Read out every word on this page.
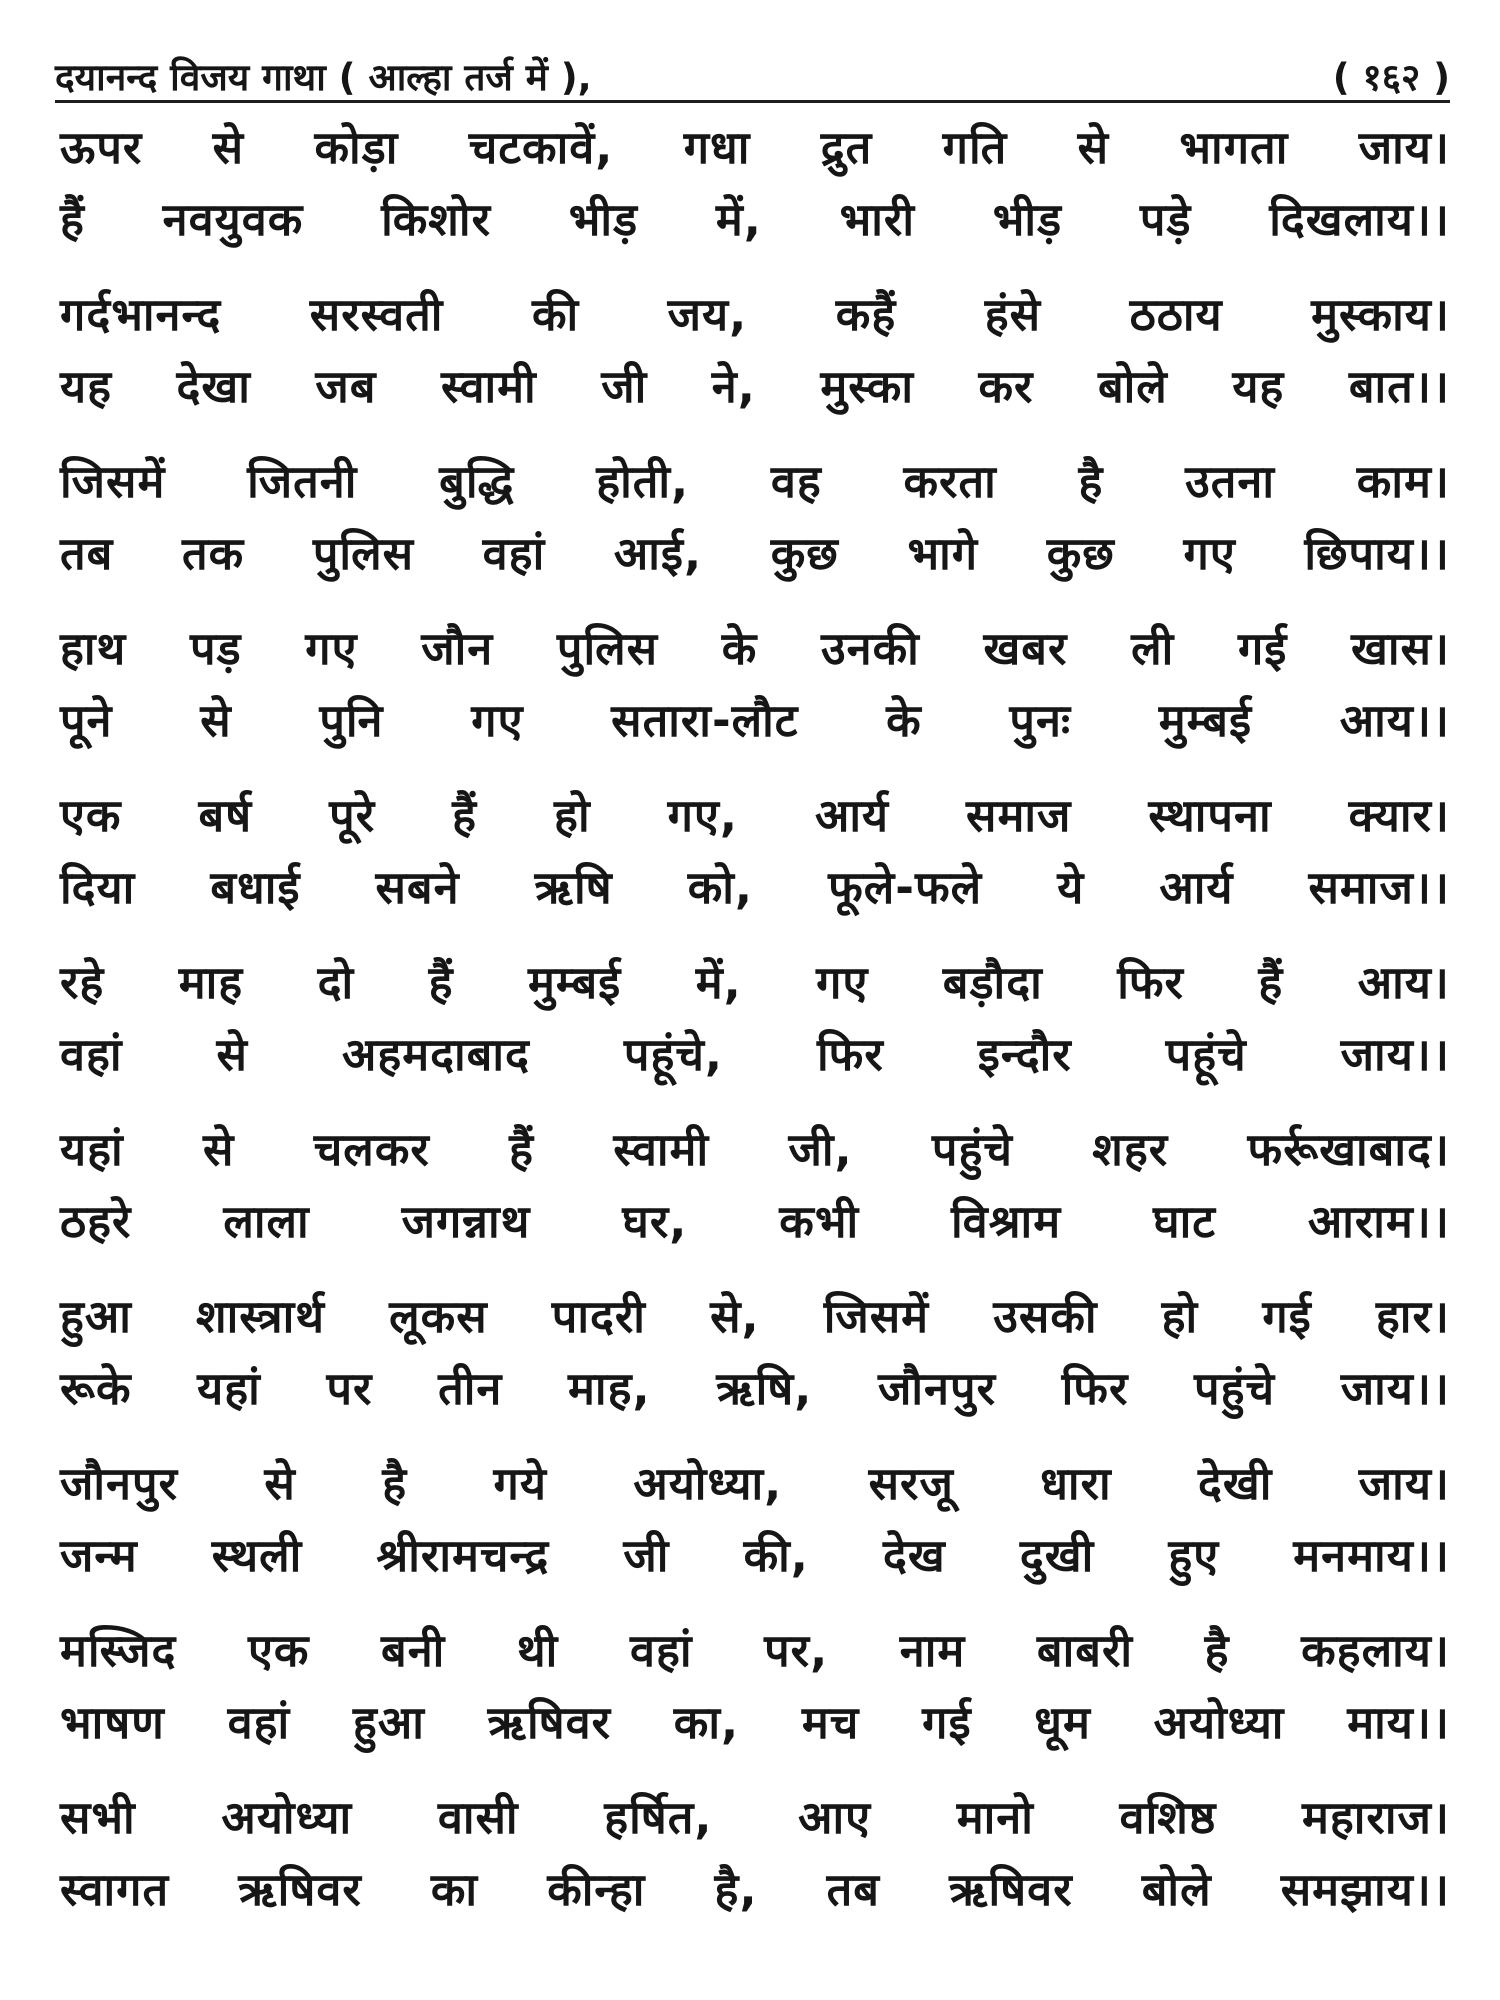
दयानन्द विजय गाथा ( आल्हा तर्ज में ),	( १६२ )
ऊपर से कोड़ा चटकावें, गधा द्रुत गति से भागता जाय।
हैं नवयुवक किशोर भीड़ में, भारी भीड़ पड़े दिखलाय।।
गर्दभानन्द सरस्वती की जय, कहैं हंसे ठठाय मुस्काय।
यह देखा जब स्वामी जी ने, मुस्का कर बोले यह बात।।
जिसमें जितनी बुद्धि होती, वह करता है उतना काम।
तब तक पुलिस वहां आई, कुछ भागे कुछ गए छिपाय।।
हाथ पड़ गए जौन पुलिस के उनकी खबर ली गई खास।
पूने से पुनि गए सतारा-लौट के पुनः मुम्बई आय।।
एक बर्ष पूरे हैं हो गए, आर्य समाज स्थापना क्यार।
दिया बधाई सबने ऋषि को, फूले-फले ये आर्य समाज।।
रहे माह दो हैं मुम्बई में, गए बड़ौदा फिर हैं आय।
वहां से अहमदाबाद पहूंचे, फिर इन्दौर पहूंचे जाय।।
यहां से चलकर हैं स्वामी जी, पहुंचे शहर फर्रूखाबाद।
ठहरे लाला जगन्नाथ घर, कभी विश्राम घाट आराम।।
हुआ शास्त्रार्थ लूकस पादरी से, जिसमें उसकी हो गई हार।
रूके यहां पर तीन माह, ऋषि, जौनपुर फिर पहुंचे जाय।।
जौनपुर से है गये अयोध्या, सरजू धारा देखी जाय।
जन्म स्थली श्रीरामचन्द्र जी की, देख दुखी हुए मनमाय।।
मस्जिद एक बनी थी वहां पर, नाम बाबरी है कहलाय।
भाषण वहां हुआ ऋषिवर का, मच गई धूम अयोध्या माय।।
सभी अयोध्या वासी हर्षित, आए मानो वशिष्ठ महाराज।
स्वागत ऋषिवर का कीन्हा है, तब ऋषिवर बोले समझाय।।
